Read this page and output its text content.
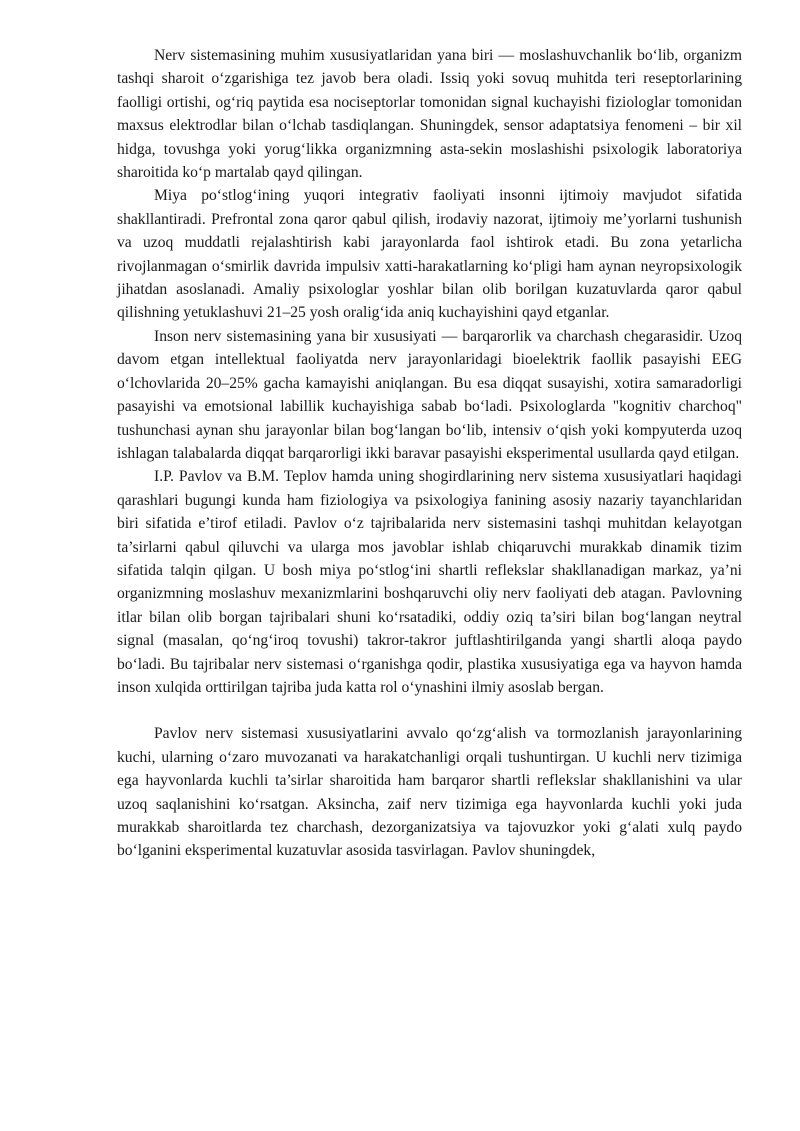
Nerv sistemasining muhim xususiyatlaridan yana biri — moslashuvchanlik bo‘lib, organizm tashqi sharoit o‘zgarishiga tez javob bera oladi. Issiq yoki sovuq muhitda teri reseptorlarining faolligi ortishi, og‘riq paytida esa nociseptorlar tomonidan signal kuchayishi fiziologlar tomonidan maxsus elektrodlar bilan o‘lchab tasdiqlangan. Shuningdek, sensor adaptatsiya fenomeni – bir xil hidga, tovushga yoki yorug‘likka organizmning asta-sekin moslashishi psixologik laboratoriya sharoitida ko‘p martalab qayd qilingan.

Miya po‘stlog‘ining yuqori integrativ faoliyati insonni ijtimoiy mavjudot sifatida shakllantiradi. Prefrontal zona qaror qabul qilish, irodaviy nazorat, ijtimoiy me’yorlarni tushunish va uzoq muddatli rejalashtirish kabi jarayonlarda faol ishtirok etadi. Bu zona yetarlicha rivojlanmagan o‘smirlik davrida impulsiv xatti-harakatlarning ko‘pligi ham aynan neyropsixologik jihatdan asoslanadi. Amaliy psixologlar yoshlar bilan olib borilgan kuzatuvlarda qaror qabul qilishning yetuklashuvi 21–25 yosh oralig‘ida aniq kuchayishini qayd etganlar.

Inson nerv sistemasining yana bir xususiyati — barqarorlik va charchash chegarasidir. Uzoq davom etgan intellektual faoliyatda nerv jarayonlaridagi bioelektrik faollik pasayishi EEG o‘lchovlarida 20–25% gacha kamayishi aniqlangan. Bu esa diqqat susayishi, xotira samaradorligi pasayishi va emotsional labillik kuchayishiga sabab bo‘ladi. Psixologlarda "kognitiv charchoq" tushunchasi aynan shu jarayonlar bilan bog‘langan bo‘lib, intensiv o‘qish yoki kompyuterda uzoq ishlagan talabalarda diqqat barqarorligi ikki baravar pasayishi eksperimental usullarda qayd etilgan.

I.P. Pavlov va B.M. Teplov hamda uning shogirdlarining nerv sistema xususiyatlari haqidagi qarashlari bugungi kunda ham fiziologiya va psixologiya fanining asosiy nazariy tayanchlaridan biri sifatida e’tirof etiladi. Pavlov o‘z tajribalarida nerv sistemasini tashqi muhitdan kelayotgan ta’sirlarni qabul qiluvchi va ularga mos javoblar ishlab chiqaruvchi murakkab dinamik tizim sifatida talqin qilgan. U bosh miya po‘stlog‘ini shartli reflekslar shakllanadigan markaz, ya’ni organizmning moslashuv mexanizmlarini boshqaruvchi oliy nerv faoliyati deb atagan. Pavlovning itlar bilan olib borgan tajribalari shuni ko‘rsatadiki, oddiy oziq ta’siri bilan bog‘langan neytral signal (masalan, qo‘ng‘iroq tovushi) takror-takror juftlashtirilganda yangi shartli aloqa paydo bo‘ladi. Bu tajribalar nerv sistemasi o‘rganishga qodir, plastika xususiyatiga ega va hayvon hamda inson xulqida orttirilgan tajriba juda katta rol o‘ynashini ilmiy asoslab bergan.

Pavlov nerv sistemasi xususiyatlarini avvalo qo‘zg‘alish va tormozlanish jarayonlarining kuchi, ularning o‘zaro muvozanati va harakatchanligi orqali tushuntirgan. U kuchli nerv tizimiga ega hayvonlarda kuchli ta’sirlar sharoitida ham barqaror shartli reflekslar shakllanishini va ular uzoq saqlanishini ko‘rsatgan. Aksincha, zaif nerv tizimiga ega hayvonlarda kuchli yoki juda murakkab sharoitlarda tez charchash, dezorganizatsiya va tajovuzkor yoki g‘alati xulq paydo bo‘lganini eksperimental kuzatuvlar asosida tasvirlagan. Pavlov shuningdek,
